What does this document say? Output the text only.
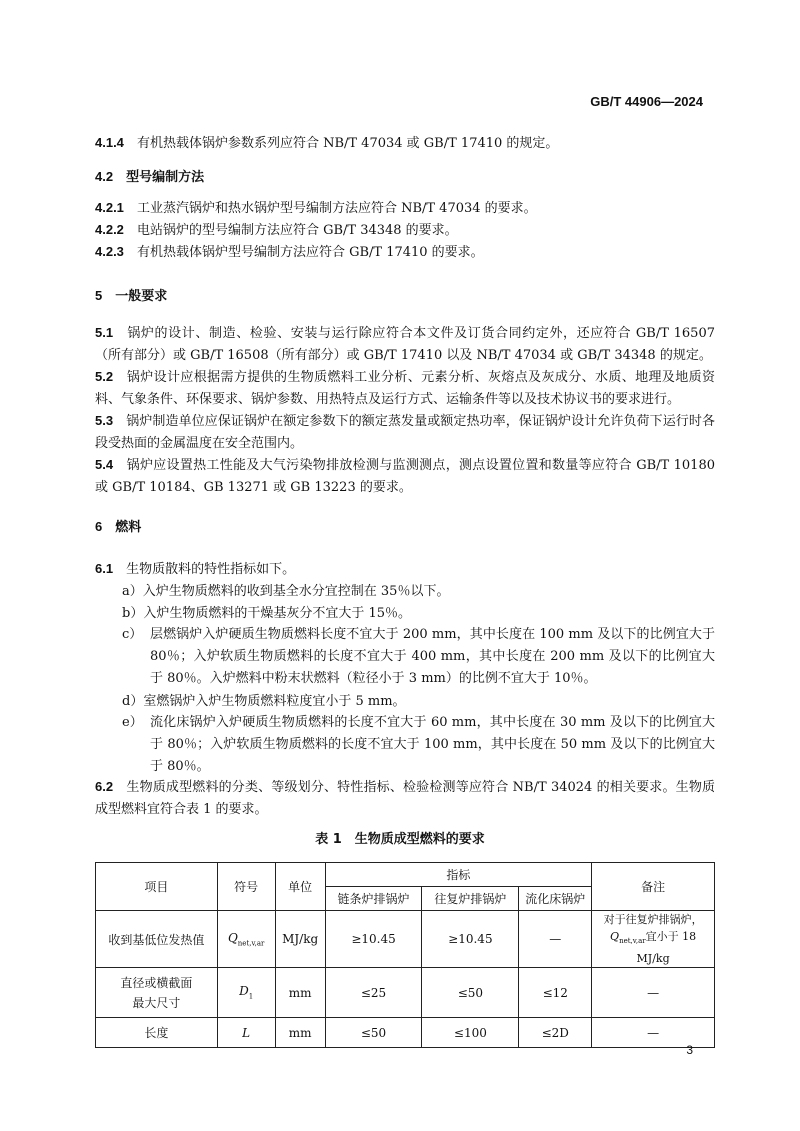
GB/T 44906—2024
4.1.4　 有机热载体锅炉参数系列应符合 NB/T 47034 或 GB/T 17410 的规定。
4.2　 型号编制方法
4.2.1　 工业蒸汽锅炉和热水锅炉型号编制方法应符合 NB/T 47034 的要求。
4.2.2　 电站锅炉的型号编制方法应符合 GB/T 34348 的要求。
4.2.3　 有机热载体锅炉型号编制方法应符合 GB/T 17410 的要求。
5　 一般要求
5.1　 锅炉的设计、制造、检验、安装与运行除应符合本文件及订货合同约定外，还应符合 GB/T 16507（所有部分）或 GB/T 16508（所有部分）或 GB/T 17410 以及 NB/T 47034 或 GB/T 34348 的规定。
5.2　 锅炉设计应根据需方提供的生物质燃料工业分析、元素分析、灰熔点及灰成分、水质、地理及地质资料、气象条件、环保要求、锅炉参数、用热特点及运行方式、运输条件等以及技术协议书的要求进行。
5.3　 锅炉制造单位应保证锅炉在额定参数下的额定蒸发量或额定热功率，保证锅炉设计允许负荷下运行时各段受热面的金属温度在安全范围内。
5.4　 锅炉应设置热工性能及大气污染物排放检测与监测测点，测点设置位置和数量等应符合 GB/T 10180或 GB/T 10184、GB 13271 或 GB 13223 的要求。
6　 燃料
6.1　 生物质散料的特性指标如下。
a）入炉生物质燃料的收到基全水分宜控制在 35％以下。
b）入炉生物质燃料的干燥基灰分不宜大于 15％。
c） 层燃锅炉入炉硬质生物质燃料长度不宜大于 200 mm，其中长度在 100 mm 及以下的比例宜大于 80％；入炉软质生物质燃料的长度不宜大于 400 mm，其中长度在 200 mm 及以下的比例宜大于 80％。入炉燃料中粉末状燃料（粒径小于 3 mm）的比例不宜大于 10％。
d）室燃锅炉入炉生物质燃料粒度宜小于 5 mm。
e） 流化床锅炉入炉硬质生物质燃料的长度不宜大于 60 mm，其中长度在 30 mm 及以下的比例宜大于 80％；入炉软质生物质燃料的长度不宜大于 100 mm，其中长度在 50 mm 及以下的比例宜大于 80％。
6.2　 生物质成型燃料的分类、等级划分、特性指标、检验检测等应符合 NB/T 34024 的相关要求。生物质成型燃料宜符合表 1 的要求。
表 1　生物质成型燃料的要求
项目	符号	单位	指标			备注
			链条炉排锅炉	往复炉排锅炉	流化床锅炉	
收到基低位发热值	$Q_{net,v,ar}$	MJ/kg	≥10.45	≥10.45	—	对于往复炉排锅炉，
$Q_{net,v,ar}$宜小于 18 MJ/kg
直径或横截面
最大尺寸	$D_1$	mm	≤25	≤50	≤12	—
长度	L	mm	≤50	≤100	≤2D	—
3
